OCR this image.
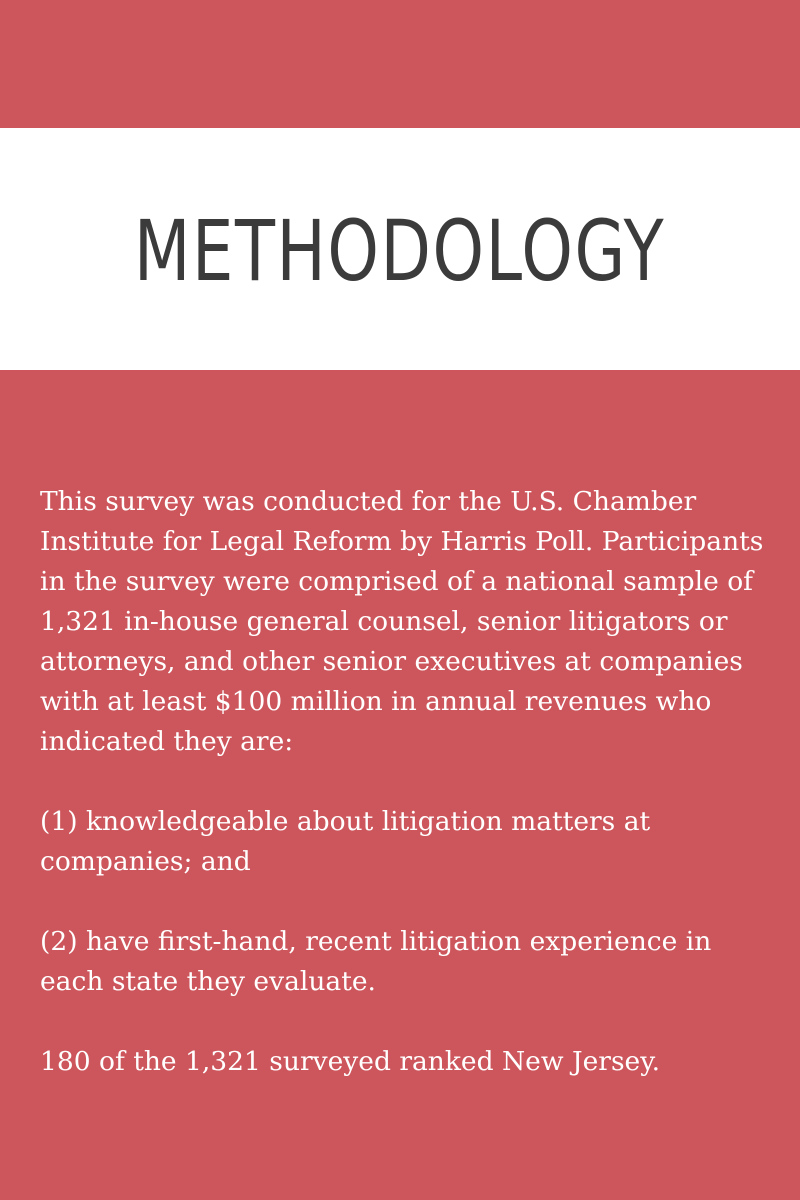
METHODOLOGY

This survey was conducted for the U.S. Chamber Institute for Legal Reform by Harris Poll. Participants in the survey were comprised of a national sample of 1,321 in-house general counsel, senior litigators or attorneys, and other senior executives at companies with at least $100 million in annual revenues who indicated they are:

(1) knowledgeable about litigation matters at companies; and

(2) have first-hand, recent litigation experience in each state they evaluate.

180 of the 1,321 surveyed ranked New Jersey.
